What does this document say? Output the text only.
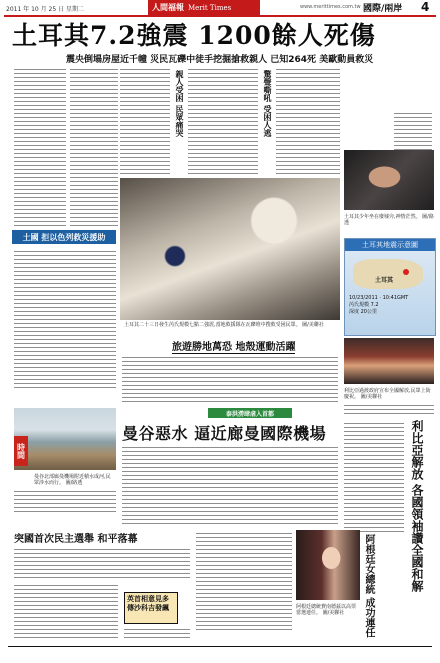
2011 年 10 月 25 日 星期二	人間福報 Merit Times	www.merittimes.com.tw 國際/兩岸 4
土耳其7.2強震 1200餘人死傷
震央倒塌房屋近千幢 災民瓦礫中徒手挖掘搶救親人 已知264死 美歐動員救災
親人受困 民眾痛哭	驚聲嘶吼 受困人逃
土國 拒以色列救災援助
土耳其二十三日發生芮氏規模七點二強震,當地救援隊在瓦礫堆中搜救受困民眾。 圖/美聯社
土耳其少年坐在廢墟旁,神情茫然。 圖/路透
土耳其地震示意圖
土耳其
10/23/2011 · 10:41GMT
芮氏規模 7.2
深度 20公里
旅遊勝地萬恐 地殼運動活躍
利比亞過渡政府宣布全國解放,民眾上街慶祝。 圖/美聯社
泰洪澇肆虐入首都
曼谷惡水 逼近廊曼國際機場
時間
曼谷北部廊曼機場附近積水成河,民眾涉水而行。 圖/路透	利比亞解放 各國領袖讚全國和解
突國首次民主選舉 和平落幕	阿根廷女總統 成功連任
阿根廷總統費南德茲以高票當選連任。 圖/美聯社
英首相意見多 傳沙科吉發飆
